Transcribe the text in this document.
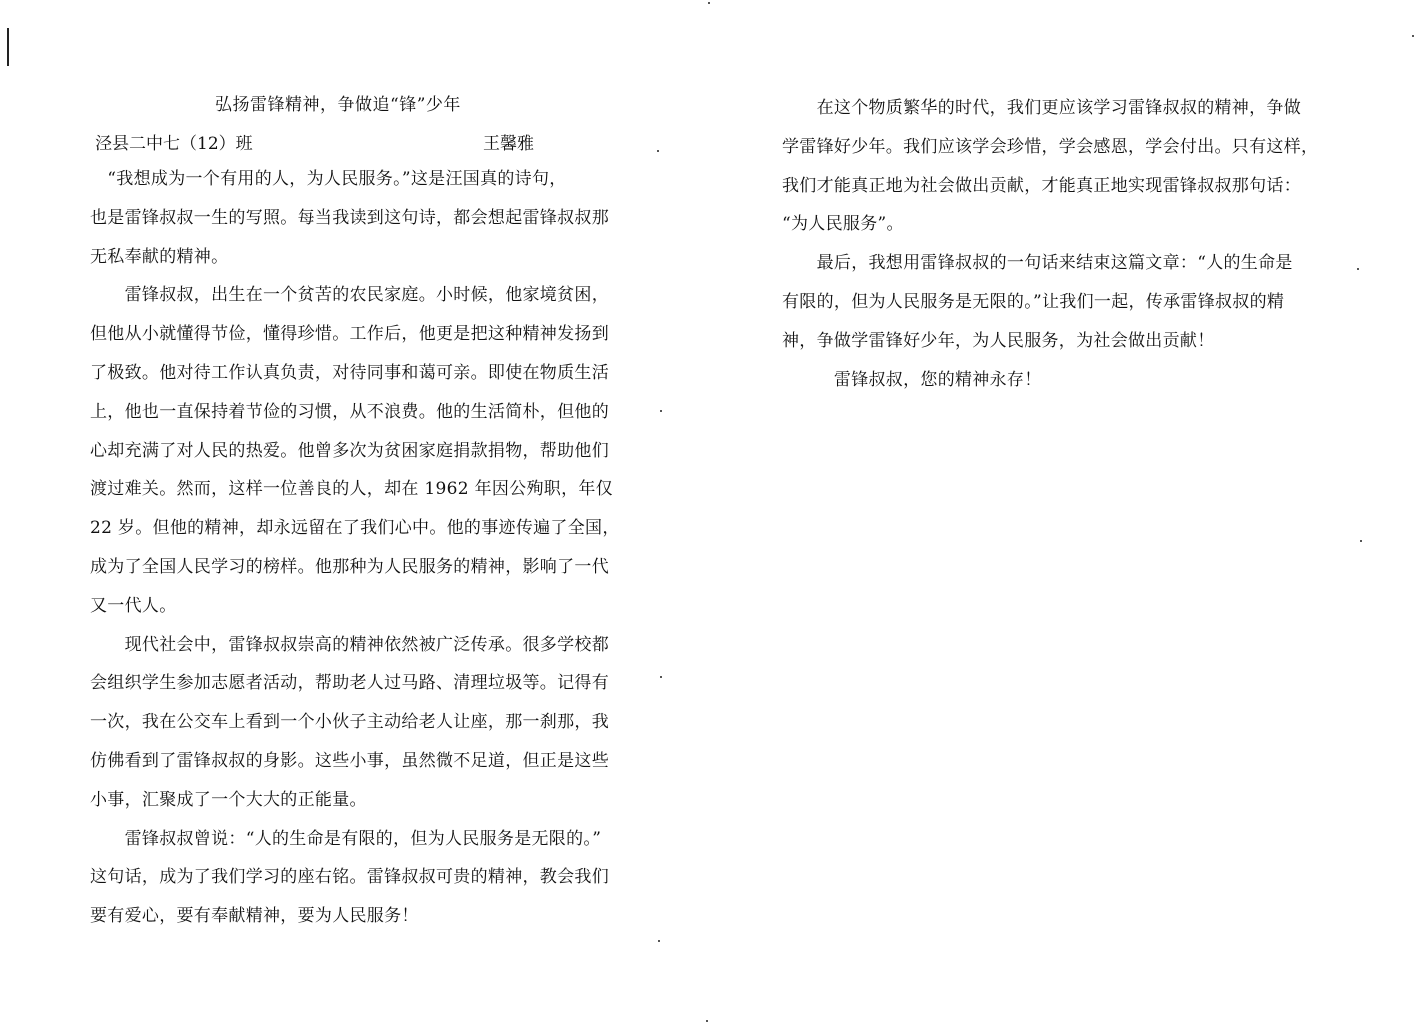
弘扬雷锋精神，争做追“锋”少年
泾县二中七（12）班	王馨雅
　“我想成为一个有用的人，为人民服务。”这是汪国真的诗句，
也是雷锋叔叔一生的写照。每当我读到这句诗，都会想起雷锋叔叔那
无私奉献的精神。
　　雷锋叔叔，出生在一个贫苦的农民家庭。小时候，他家境贫困，
但他从小就懂得节俭，懂得珍惜。工作后，他更是把这种精神发扬到
了极致。他对待工作认真负责，对待同事和蔼可亲。即使在物质生活
上，他也一直保持着节俭的习惯，从不浪费。他的生活简朴，但他的
心却充满了对人民的热爱。他曾多次为贫困家庭捐款捐物，帮助他们
渡过难关。然而，这样一位善良的人，却在 1962 年因公殉职，年仅
22 岁。但他的精神，却永远留在了我们心中。他的事迹传遍了全国，
成为了全国人民学习的榜样。他那种为人民服务的精神，影响了一代
又一代人。
　　现代社会中，雷锋叔叔崇高的精神依然被广泛传承。很多学校都
会组织学生参加志愿者活动，帮助老人过马路、清理垃圾等。记得有
一次，我在公交车上看到一个小伙子主动给老人让座，那一刹那，我
仿佛看到了雷锋叔叔的身影。这些小事，虽然微不足道，但正是这些
小事，汇聚成了一个大大的正能量。
　　雷锋叔叔曾说：“人的生命是有限的，但为人民服务是无限的。”
这句话，成为了我们学习的座右铭。雷锋叔叔可贵的精神，教会我们
要有爱心，要有奉献精神，要为人民服务！
　　在这个物质繁华的时代，我们更应该学习雷锋叔叔的精神，争做
学雷锋好少年。我们应该学会珍惜，学会感恩，学会付出。只有这样，
我们才能真正地为社会做出贡献，才能真正地实现雷锋叔叔那句话：
“为人民服务”。
　　最后，我想用雷锋叔叔的一句话来结束这篇文章：“人的生命是
有限的，但为人民服务是无限的。”让我们一起，传承雷锋叔叔的精
神，争做学雷锋好少年，为人民服务，为社会做出贡献！
　　　雷锋叔叔，您的精神永存！
